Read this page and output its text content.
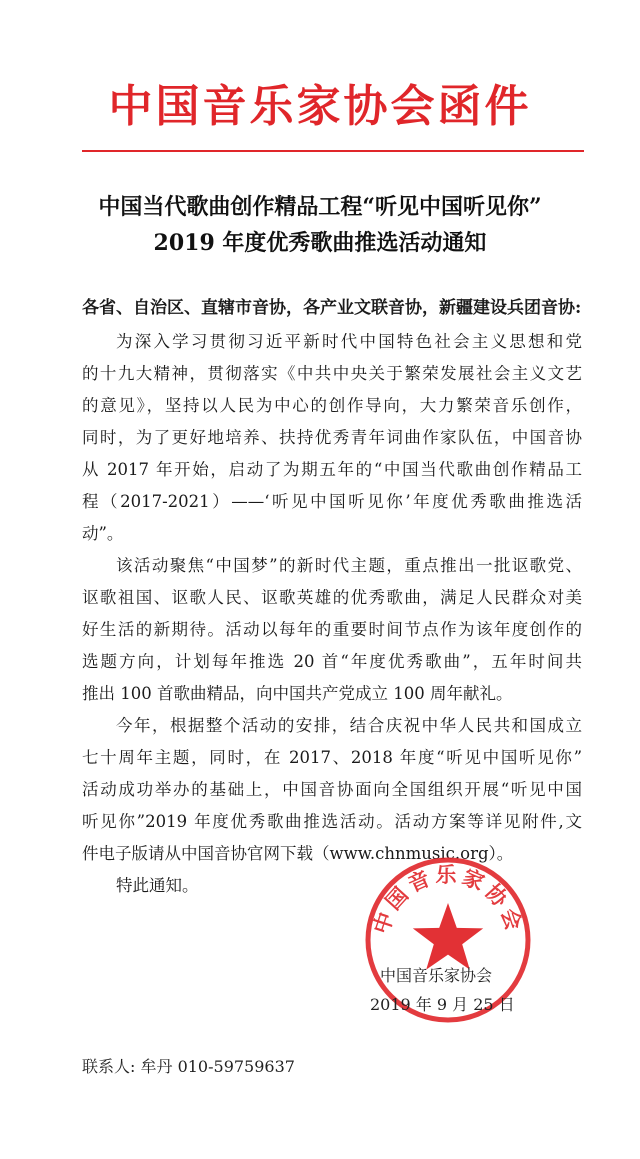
中国音乐家协会函件
中国当代歌曲创作精品工程“听见中国听见你”
2019 年度优秀歌曲推选活动通知
各省、自治区、直辖市音协，各产业文联音协，新疆建设兵团音协:
为深入学习贯彻习近平新时代中国特色社会主义思想和党
的十九大精神，贯彻落实《中共中央关于繁荣发展社会主义文艺
的意见》，坚持以人民为中心的创作导向，大力繁荣音乐创作，
同时，为了更好地培养、扶持优秀青年词曲作家队伍，中国音协
从 2017 年开始，启动了为期五年的“中国当代歌曲创作精品工
程（2017-2021）——‘听见中国听见你’年度优秀歌曲推选活
动”。
该活动聚焦“中国梦”的新时代主题，重点推出一批讴歌党、
讴歌祖国、讴歌人民、讴歌英雄的优秀歌曲，满足人民群众对美
好生活的新期待。活动以每年的重要时间节点作为该年度创作的
选题方向，计划每年推选 20 首“年度优秀歌曲”，五年时间共
推出 100 首歌曲精品，向中国共产党成立 100 周年献礼。
今年，根据整个活动的安排，结合庆祝中华人民共和国成立
七十周年主题，同时，在 2017、2018 年度“听见中国听见你”
活动成功举办的基础上，中国音协面向全国组织开展“听见中国
听见你”2019 年度优秀歌曲推选活动。活动方案等详见附件,文
件电子版请从中国音协官网下载（www.chnmusic.org）。
特此通知。
中国音乐家协会
中国音乐家协会
2019 年 9 月 25 日
联系人: 牟丹 010-59759637
